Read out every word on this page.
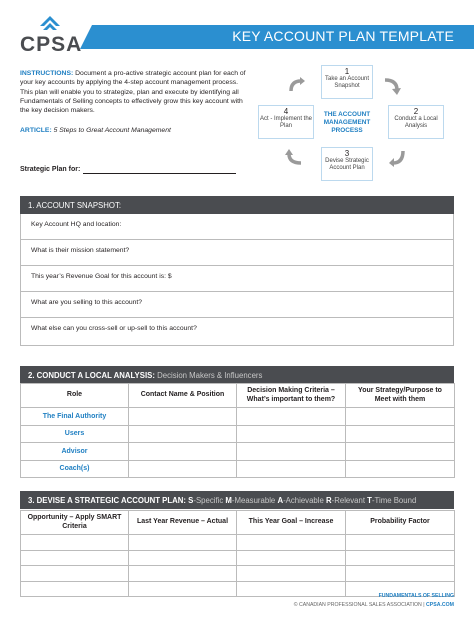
CPSA	KEY ACCOUNT PLAN TEMPLATE
INSTRUCTIONS: Document a pro-active strategic account plan for each of your key accounts by applying the 4-step account management process. This plan will enable you to strategize, plan and execute by identifying all Fundamentals of Selling concepts to effectively grow this key account with the key decision makers.
ARTICLE: 5 Steps to Great Account Management
Strategic Plan for:
1
Take an Account Snapshot
2
Conduct a Local Analysis
3
Devise Strategic Account Plan
4
Act - Implement the Plan
THE ACCOUNT MANAGEMENT PROCESS
1. ACCOUNT SNAPSHOT:
Key Account HQ and location:
What is their mission statement?
This year’s Revenue Goal for this account is: $
What are you selling to this account?
What else can you cross-sell or up-sell to this account?
2. CONDUCT A LOCAL ANALYSIS: Decision Makers & Influencers
Role	Contact Name & Position	Decision Making Criteria – What’s important to them?	Your Strategy/Purpose to Meet with them
The Final Authority			
Users			
Advisor			
Coach(s)			
3. DEVISE A STRATEGIC ACCOUNT PLAN: S-Specific M-Measurable A-Achievable R-Relevant T-Time Bound
Opportunity – Apply SMART Criteria	Last Year Revenue – Actual	This Year Goal – Increase	Probability Factor

FUNDAMENTALS OF SELLING
© CANADIAN PROFESSIONAL SALES ASSOCIATION | CPSA.COM
